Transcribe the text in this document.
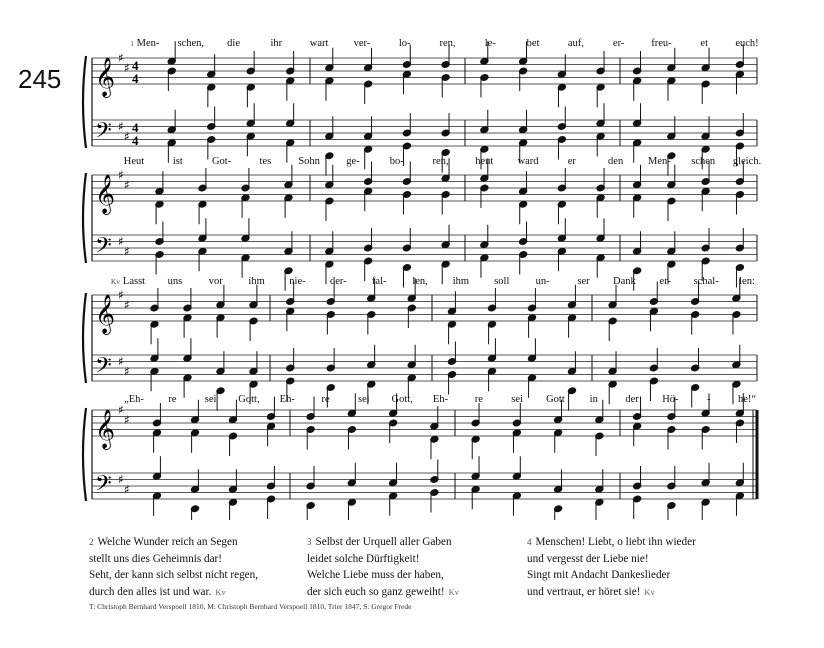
245 𝄞
𝄢
♯
♯
♯
♯
4
4
4
4
Men- schen, die	ihr	wart ver-	lo-	ren,	le-	bet	auf,	er-	freu-	et	euch!
1
𝄞
𝄢
♯
♯
♯
♯
Heut	ist	Got-	tes	Sohn	ge-	bo-	ren,	heut ward	er	den Men- schen gleich.
𝄞
𝄢
♯
♯
♯
♯
Lasst uns	vor ihm nie- der- fal- len, ihm soll	un-	ser Dank er- schal- len:
Kv
𝄞
𝄢
♯
♯
♯
♯
„Eh- re	sei Gott, Eh-	re	sei Gott, Eh-	re	sei Gott in	der Hö-	-	he!“
2 Welche Wunder reich an Segen
stellt uns dies Geheimnis dar!
Seht, der kann sich selbst nicht regen,
durch den alles ist und war. Kv
3 Selbst der Urquell aller Gaben
leidet solche Dürftigkeit!
Welche Liebe muss der haben,
der sich euch so ganz geweiht! Kv
4 Menschen! Liebt, o liebt ihn wieder
und vergesst der Liebe nie!
Singt mit Andacht Dankeslieder
und vertraut, er höret sie! Kv
T: Christoph Bernhard Verspoell 1810, M: Christoph Bernhard Verspoell 1810, Trier 1847, S: Gregor Frede
